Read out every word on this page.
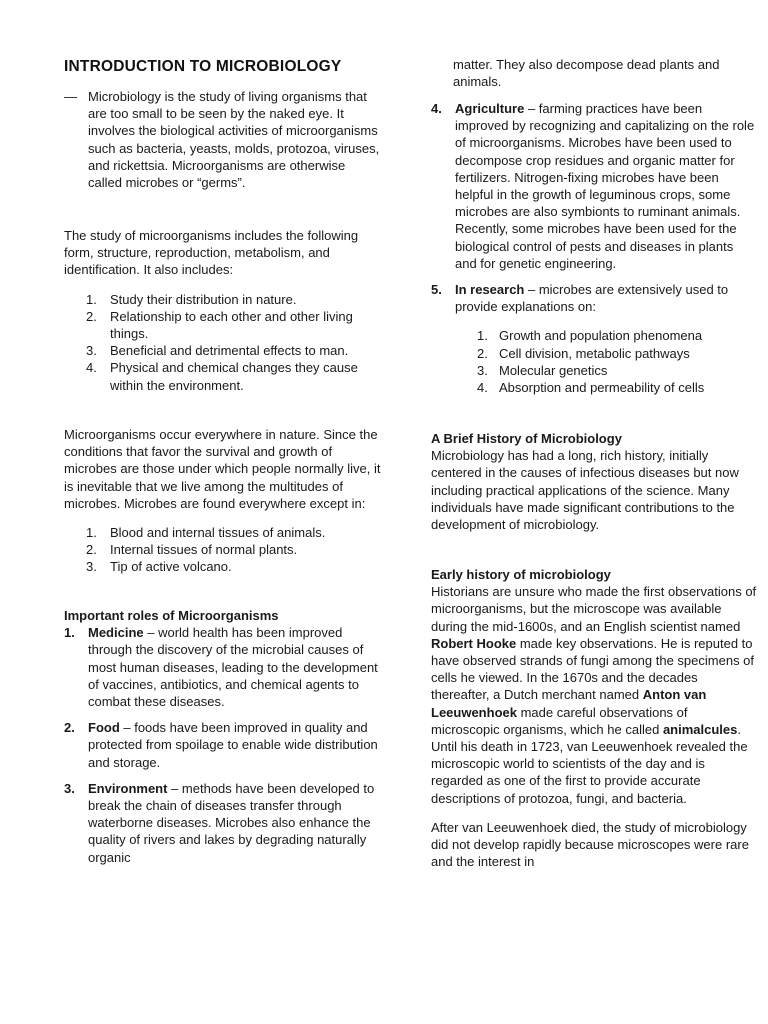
INTRODUCTION TO MICROBIOLOGY
— Microbiology is the study of living organisms that are too small to be seen by the naked eye. It involves the biological activities of microorganisms such as bacteria, yeasts, molds, protozoa, viruses, and rickettsia. Microorganisms are otherwise called microbes or “germs”.

The study of microorganisms includes the following form, structure, reproduction, metabolism, and identification. It also includes:

1. Study their distribution in nature.
2. Relationship to each other and other living things.
3. Beneficial and detrimental effects to man.
4. Physical and chemical changes they cause within the environment.

Microorganisms occur everywhere in nature. Since the conditions that favor the survival and growth of microbes are those under which people normally live, it is inevitable that we live among the multitudes of microbes. Microbes are found everywhere except in:

1. Blood and internal tissues of animals.
2. Internal tissues of normal plants.
3. Tip of active volcano.

Important roles of Microorganisms

1. Medicine – world health has been improved through the discovery of the microbial causes of most human diseases, leading to the development of vaccines, antibiotics, and chemical agents to combat these diseases.
2. Food – foods have been improved in quality and protected from spoilage to enable wide distribution and storage.
3. Environment – methods have been developed to break the chain of diseases transfer through waterborne diseases. Microbes also enhance the quality of rivers and lakes by degrading naturally organic
matter. They also decompose dead plants and animals.
4. Agriculture – farming practices have been improved by recognizing and capitalizing on the role of microorganisms. Microbes have been used to decompose crop residues and organic matter for fertilizers. Nitrogen-fixing microbes have been helpful in the growth of leguminous crops, some microbes are also symbionts to ruminant animals. Recently, some microbes have been used for the biological control of pests and diseases in plants and for genetic engineering.
5. In research – microbes are extensively used to provide explanations on:
1. Growth and population phenomena
2. Cell division, metabolic pathways
3. Molecular genetics
4. Absorption and permeability of cells

A Brief History of Microbiology

Microbiology has had a long, rich history, initially centered in the causes of infectious diseases but now including practical applications of the science. Many individuals have made significant contributions to the development of microbiology.

Early history of microbiology

Historians are unsure who made the first observations of microorganisms, but the microscope was available during the mid-1600s, and an English scientist named Robert Hooke made key observations. He is reputed to have observed strands of fungi among the specimens of cells he viewed. In the 1670s and the decades thereafter, a Dutch merchant named Anton van Leeuwenhoek made careful observations of microscopic organisms, which he called animalcules. Until his death in 1723, van Leeuwenhoek revealed the microscopic world to scientists of the day and is regarded as one of the first to provide accurate descriptions of protozoa, fungi, and bacteria.

After van Leeuwenhoek died, the study of microbiology did not develop rapidly because microscopes were rare and the interest in
